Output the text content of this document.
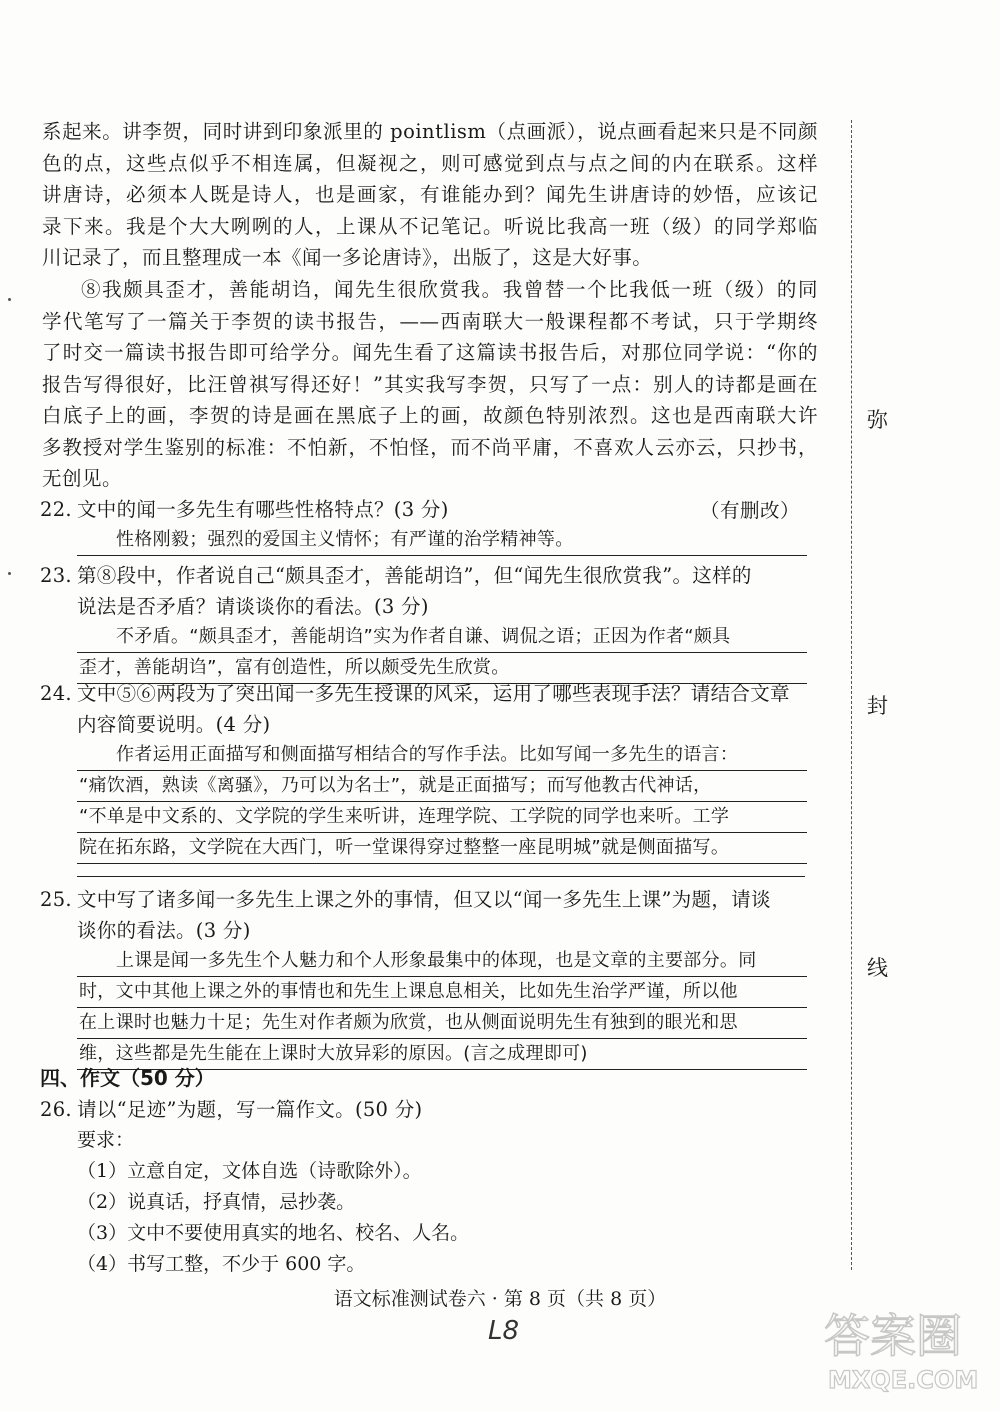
系起来。讲李贺，同时讲到印象派里的 pointlism（点画派），说点画看起来只是不同颜
色的点，这些点似乎不相连属，但凝视之，则可感觉到点与点之间的内在联系。这样
讲唐诗，必须本人既是诗人，也是画家，有谁能办到？闻先生讲唐诗的妙悟，应该记
录下来。我是个大大咧咧的人，上课从不记笔记。听说比我高一班（级）的同学郑临
川记录了，而且整理成一本《闻一多论唐诗》，出版了，这是大好事。
⑧我颇具歪才，善能胡诌，闻先生很欣赏我。我曾替一个比我低一班（级）的同
学代笔写了一篇关于李贺的读书报告，——西南联大一般课程都不考试，只于学期终
了时交一篇读书报告即可给学分。闻先生看了这篇读书报告后，对那位同学说：“你的
报告写得很好，比汪曾祺写得还好！”其实我写李贺，只写了一点：别人的诗都是画在
白底子上的画，李贺的诗是画在黑底子上的画，故颜色特别浓烈。这也是西南联大许
多教授对学生鉴别的标准：不怕新，不怕怪，而不尚平庸，不喜欢人云亦云，只抄书，
无创见。
（有删改）
22. 文中的闻一多先生有哪些性格特点？(3 分)
性格刚毅；强烈的爱国主义情怀；有严谨的治学精神等。
23. 第⑧段中，作者说自己“颇具歪才，善能胡诌”，但“闻先生很欣赏我”。这样的
说法是否矛盾？请谈谈你的看法。(3 分)
不矛盾。“颇具歪才，善能胡诌”实为作者自谦、调侃之语；正因为作者“颇具
歪才，善能胡诌”，富有创造性，所以颇受先生欣赏。
24. 文中⑤⑥两段为了突出闻一多先生授课的风采，运用了哪些表现手法？请结合文章
内容简要说明。(4 分)
作者运用正面描写和侧面描写相结合的写作手法。比如写闻一多先生的语言：
“痛饮酒，熟读《离骚》，乃可以为名士”，就是正面描写；而写他教古代神话，
“不单是中文系的、文学院的学生来听讲，连理学院、工学院的同学也来听。工学
院在拓东路，文学院在大西门，听一堂课得穿过整整一座昆明城”就是侧面描写。
25. 文中写了诸多闻一多先生上课之外的事情，但又以“闻一多先生上课”为题，请谈
谈你的看法。(3 分)
上课是闻一多先生个人魅力和个人形象最集中的体现，也是文章的主要部分。同
时，文中其他上课之外的事情也和先生上课息息相关，比如先生治学严谨，所以他
在上课时也魅力十足；先生对作者颇为欣赏，也从侧面说明先生有独到的眼光和思
维，这些都是先生能在上课时大放异彩的原因。(言之成理即可)
四、作文（50 分）
26. 请以“足迹”为题，写一篇作文。(50 分)
要求：
（1）立意自定，文体自选（诗歌除外）。
（2）说真话，抒真情，忌抄袭。
（3）文中不要使用真实的地名、校名、人名。
（4）书写工整，不少于 600 字。
弥
封
线
语文标准测试卷六 · 第 8 页（共 8 页）
L8	答案圈
MXQE.COM
